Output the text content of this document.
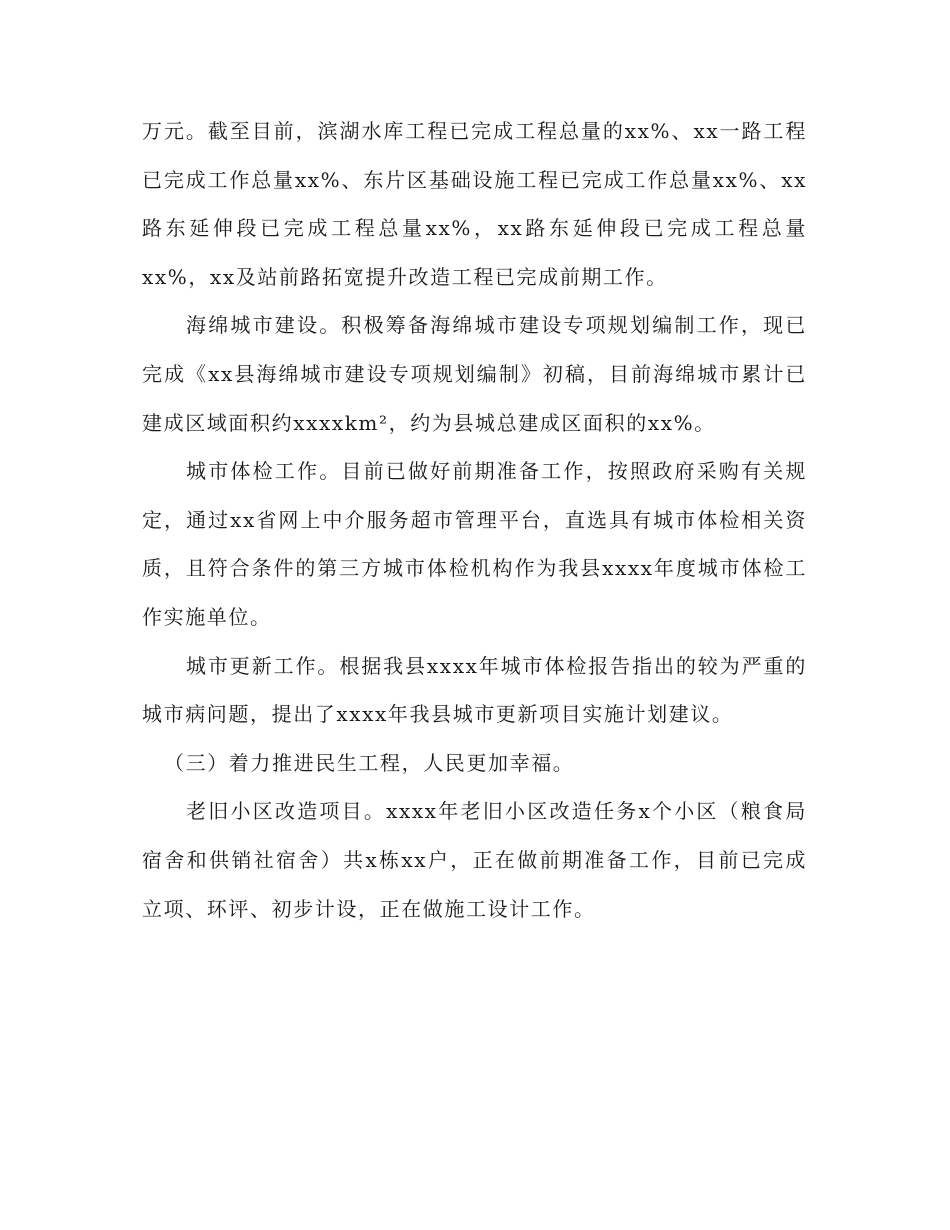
万元。截至目前，滨湖水库工程已完成工程总量的xx%、xx一路工程已完成工作总量xx%、东片区基础设施工程已完成工作总量xx%、xx路东延伸段已完成工程总量xx%，xx路东延伸段已完成工程总量xx%，xx及站前路拓宽提升改造工程已完成前期工作。

海绵城市建设。积极筹备海绵城市建设专项规划编制工作，现已完成《xx县海绵城市建设专项规划编制》初稿，目前海绵城市累计已建成区域面积约xxxxkm²，约为县城总建成区面积的xx%。

城市体检工作。目前已做好前期准备工作，按照政府采购有关规定，通过xx省网上中介服务超市管理平台，直选具有城市体检相关资质，且符合条件的第三方城市体检机构作为我县xxxx年度城市体检工作实施单位。

城市更新工作。根据我县xxxx年城市体检报告指出的较为严重的城市病问题，提出了xxxx年我县城市更新项目实施计划建议。

（三）着力推进民生工程，人民更加幸福。

老旧小区改造项目。xxxx年老旧小区改造任务x个小区（粮食局宿舍和供销社宿舍）共x栋xx户，正在做前期准备工作，目前已完成立项、环评、初步计设，正在做施工设计工作。
